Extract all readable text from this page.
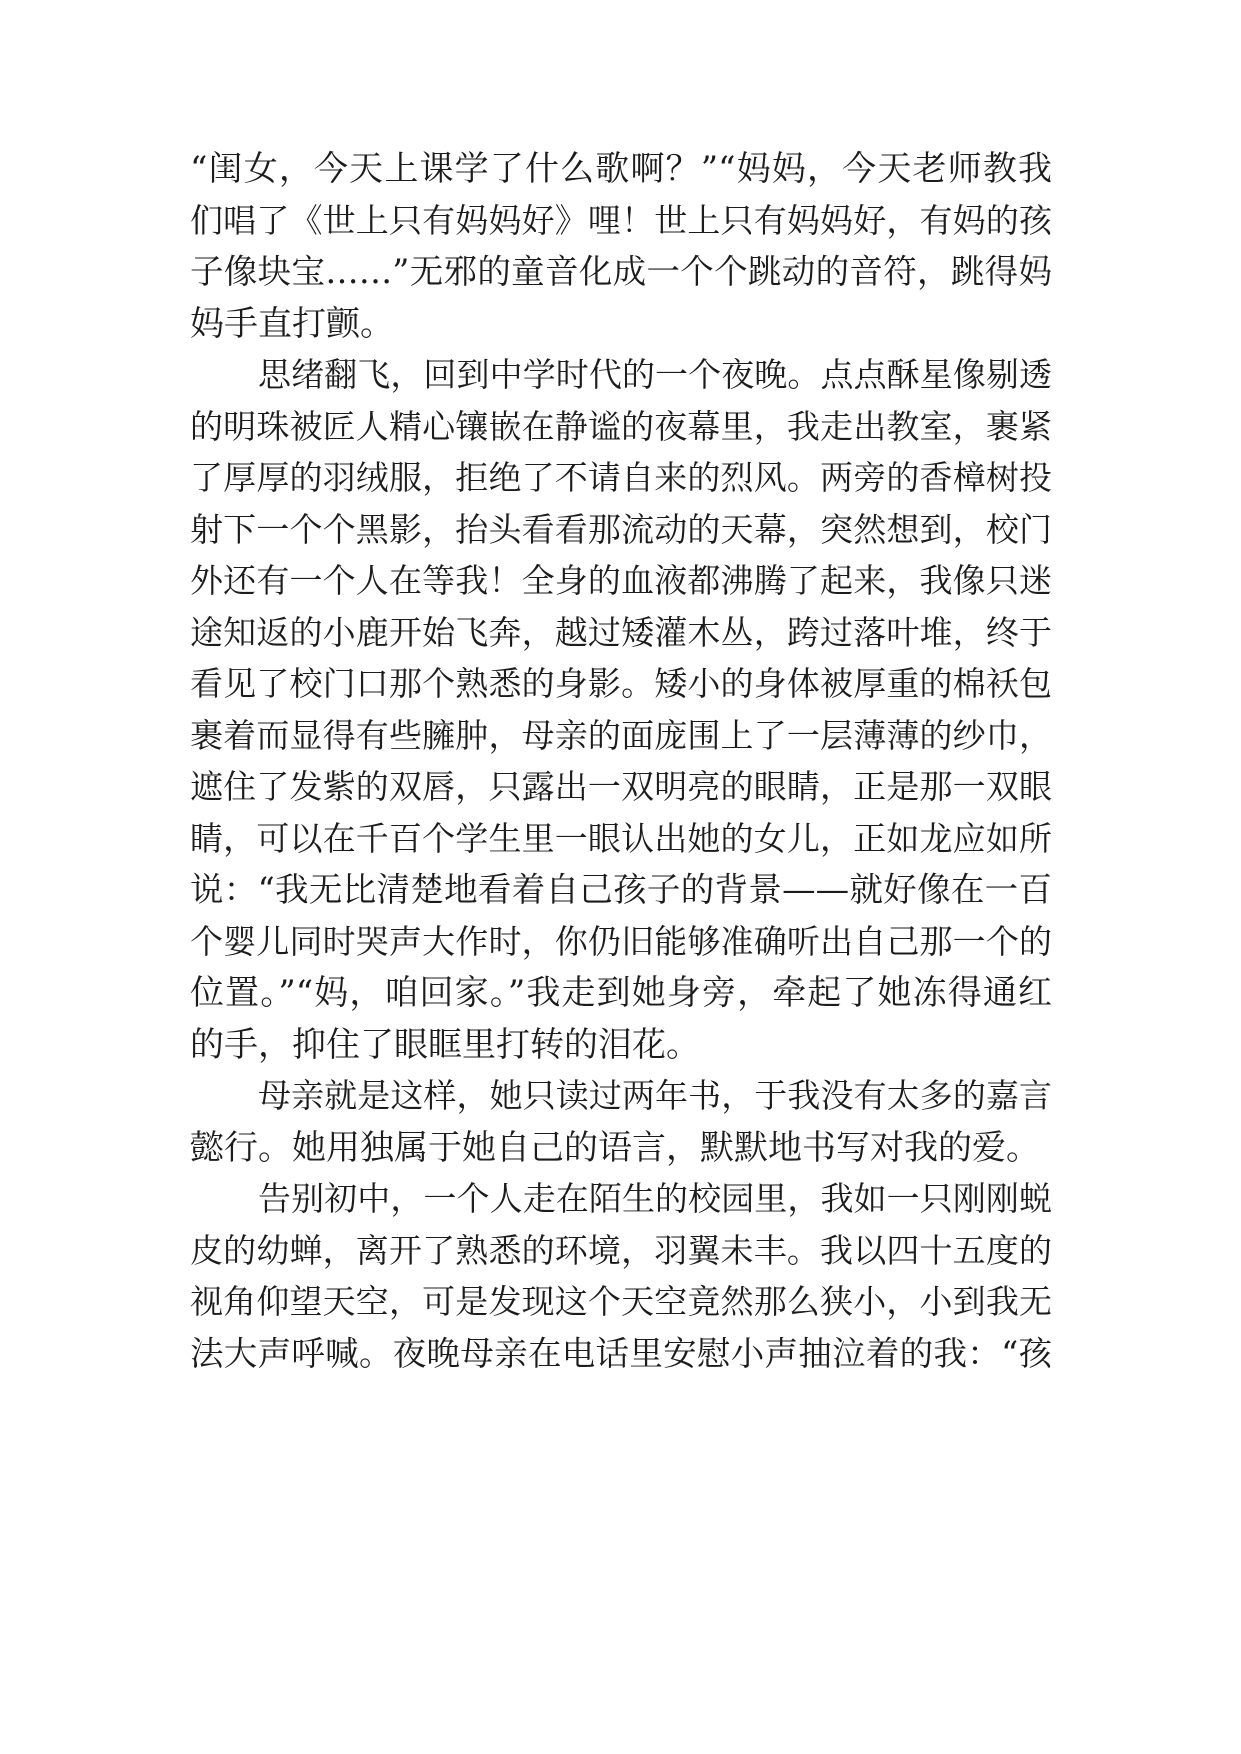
“闺女，今天上课学了什么歌啊？”“妈妈，今天老师教我
们唱了《世上只有妈妈好》哩！世上只有妈妈好，有妈的孩
子像块宝……”无邪的童音化成一个个跳动的音符，跳得妈
妈手直打颤。
思绪翻飞，回到中学时代的一个夜晚。点点酥星像剔透
的明珠被匠人精心镶嵌在静谧的夜幕里，我走出教室，裹紧
了厚厚的羽绒服，拒绝了不请自来的烈风。两旁的香樟树投
射下一个个黑影，抬头看看那流动的天幕，突然想到，校门
外还有一个人在等我！全身的血液都沸腾了起来，我像只迷
途知返的小鹿开始飞奔，越过矮灌木丛，跨过落叶堆，终于
看见了校门口那个熟悉的身影。矮小的身体被厚重的棉袄包
裹着而显得有些臃肿，母亲的面庞围上了一层薄薄的纱巾，
遮住了发紫的双唇，只露出一双明亮的眼睛，正是那一双眼
睛，可以在千百个学生里一眼认出她的女儿，正如龙应如所
说：“我无比清楚地看着自己孩子的背景——就好像在一百
个婴儿同时哭声大作时，你仍旧能够准确听出自己那一个的
位置。”“妈，咱回家。”我走到她身旁，牵起了她冻得通红
的手，抑住了眼眶里打转的泪花。
母亲就是这样，她只读过两年书，于我没有太多的嘉言
懿行。她用独属于她自己的语言，默默地书写对我的爱。
告别初中，一个人走在陌生的校园里，我如一只刚刚蜕
皮的幼蝉，离开了熟悉的环境，羽翼未丰。我以四十五度的
视角仰望天空，可是发现这个天空竟然那么狭小，小到我无
法大声呼喊。夜晚母亲在电话里安慰小声抽泣着的我：“孩
